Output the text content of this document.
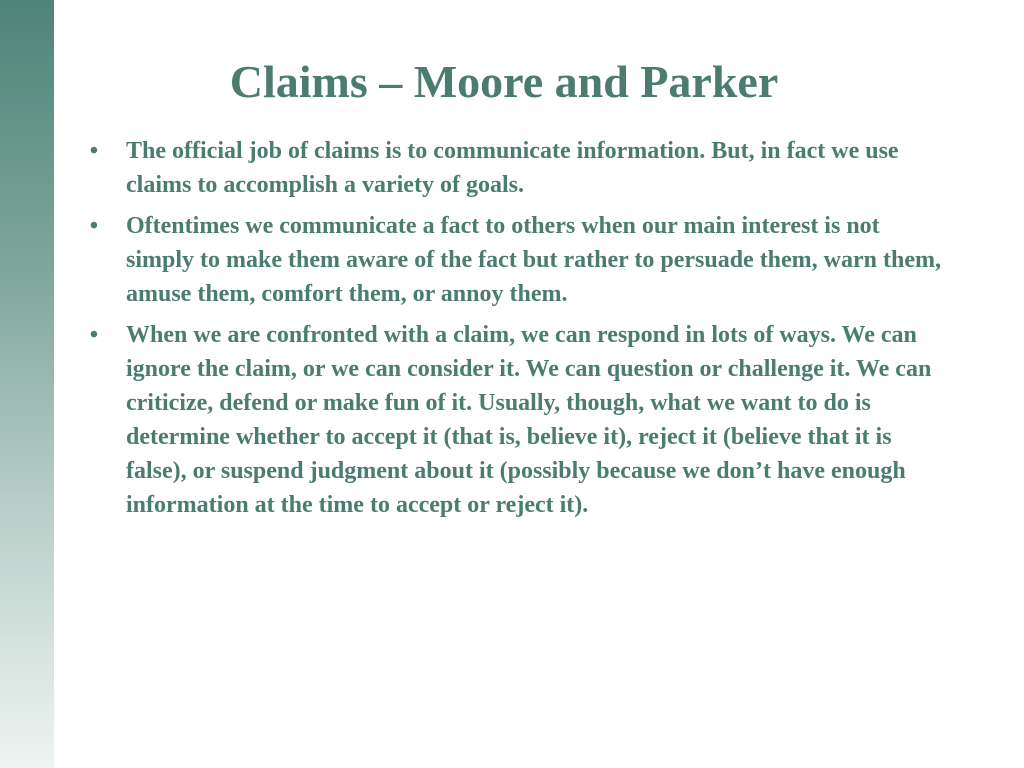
Claims – Moore and Parker
• The official job of claims is to communicate information. But, in fact we use claims to accomplish a variety of goals.
• Oftentimes we communicate a fact to others when our main interest is not simply to make them aware of the fact but rather to persuade them, warn them, amuse them, comfort them, or annoy them.
• When we are confronted with a claim, we can respond in lots of ways. We can ignore the claim, or we can consider it. We can question or challenge it. We can criticize, defend or make fun of it. Usually, though, what we want to do is determine whether to accept it (that is, believe it), reject it (believe that it is false), or suspend judgment about it (possibly because we don’t have enough information at the time to accept or reject it).
